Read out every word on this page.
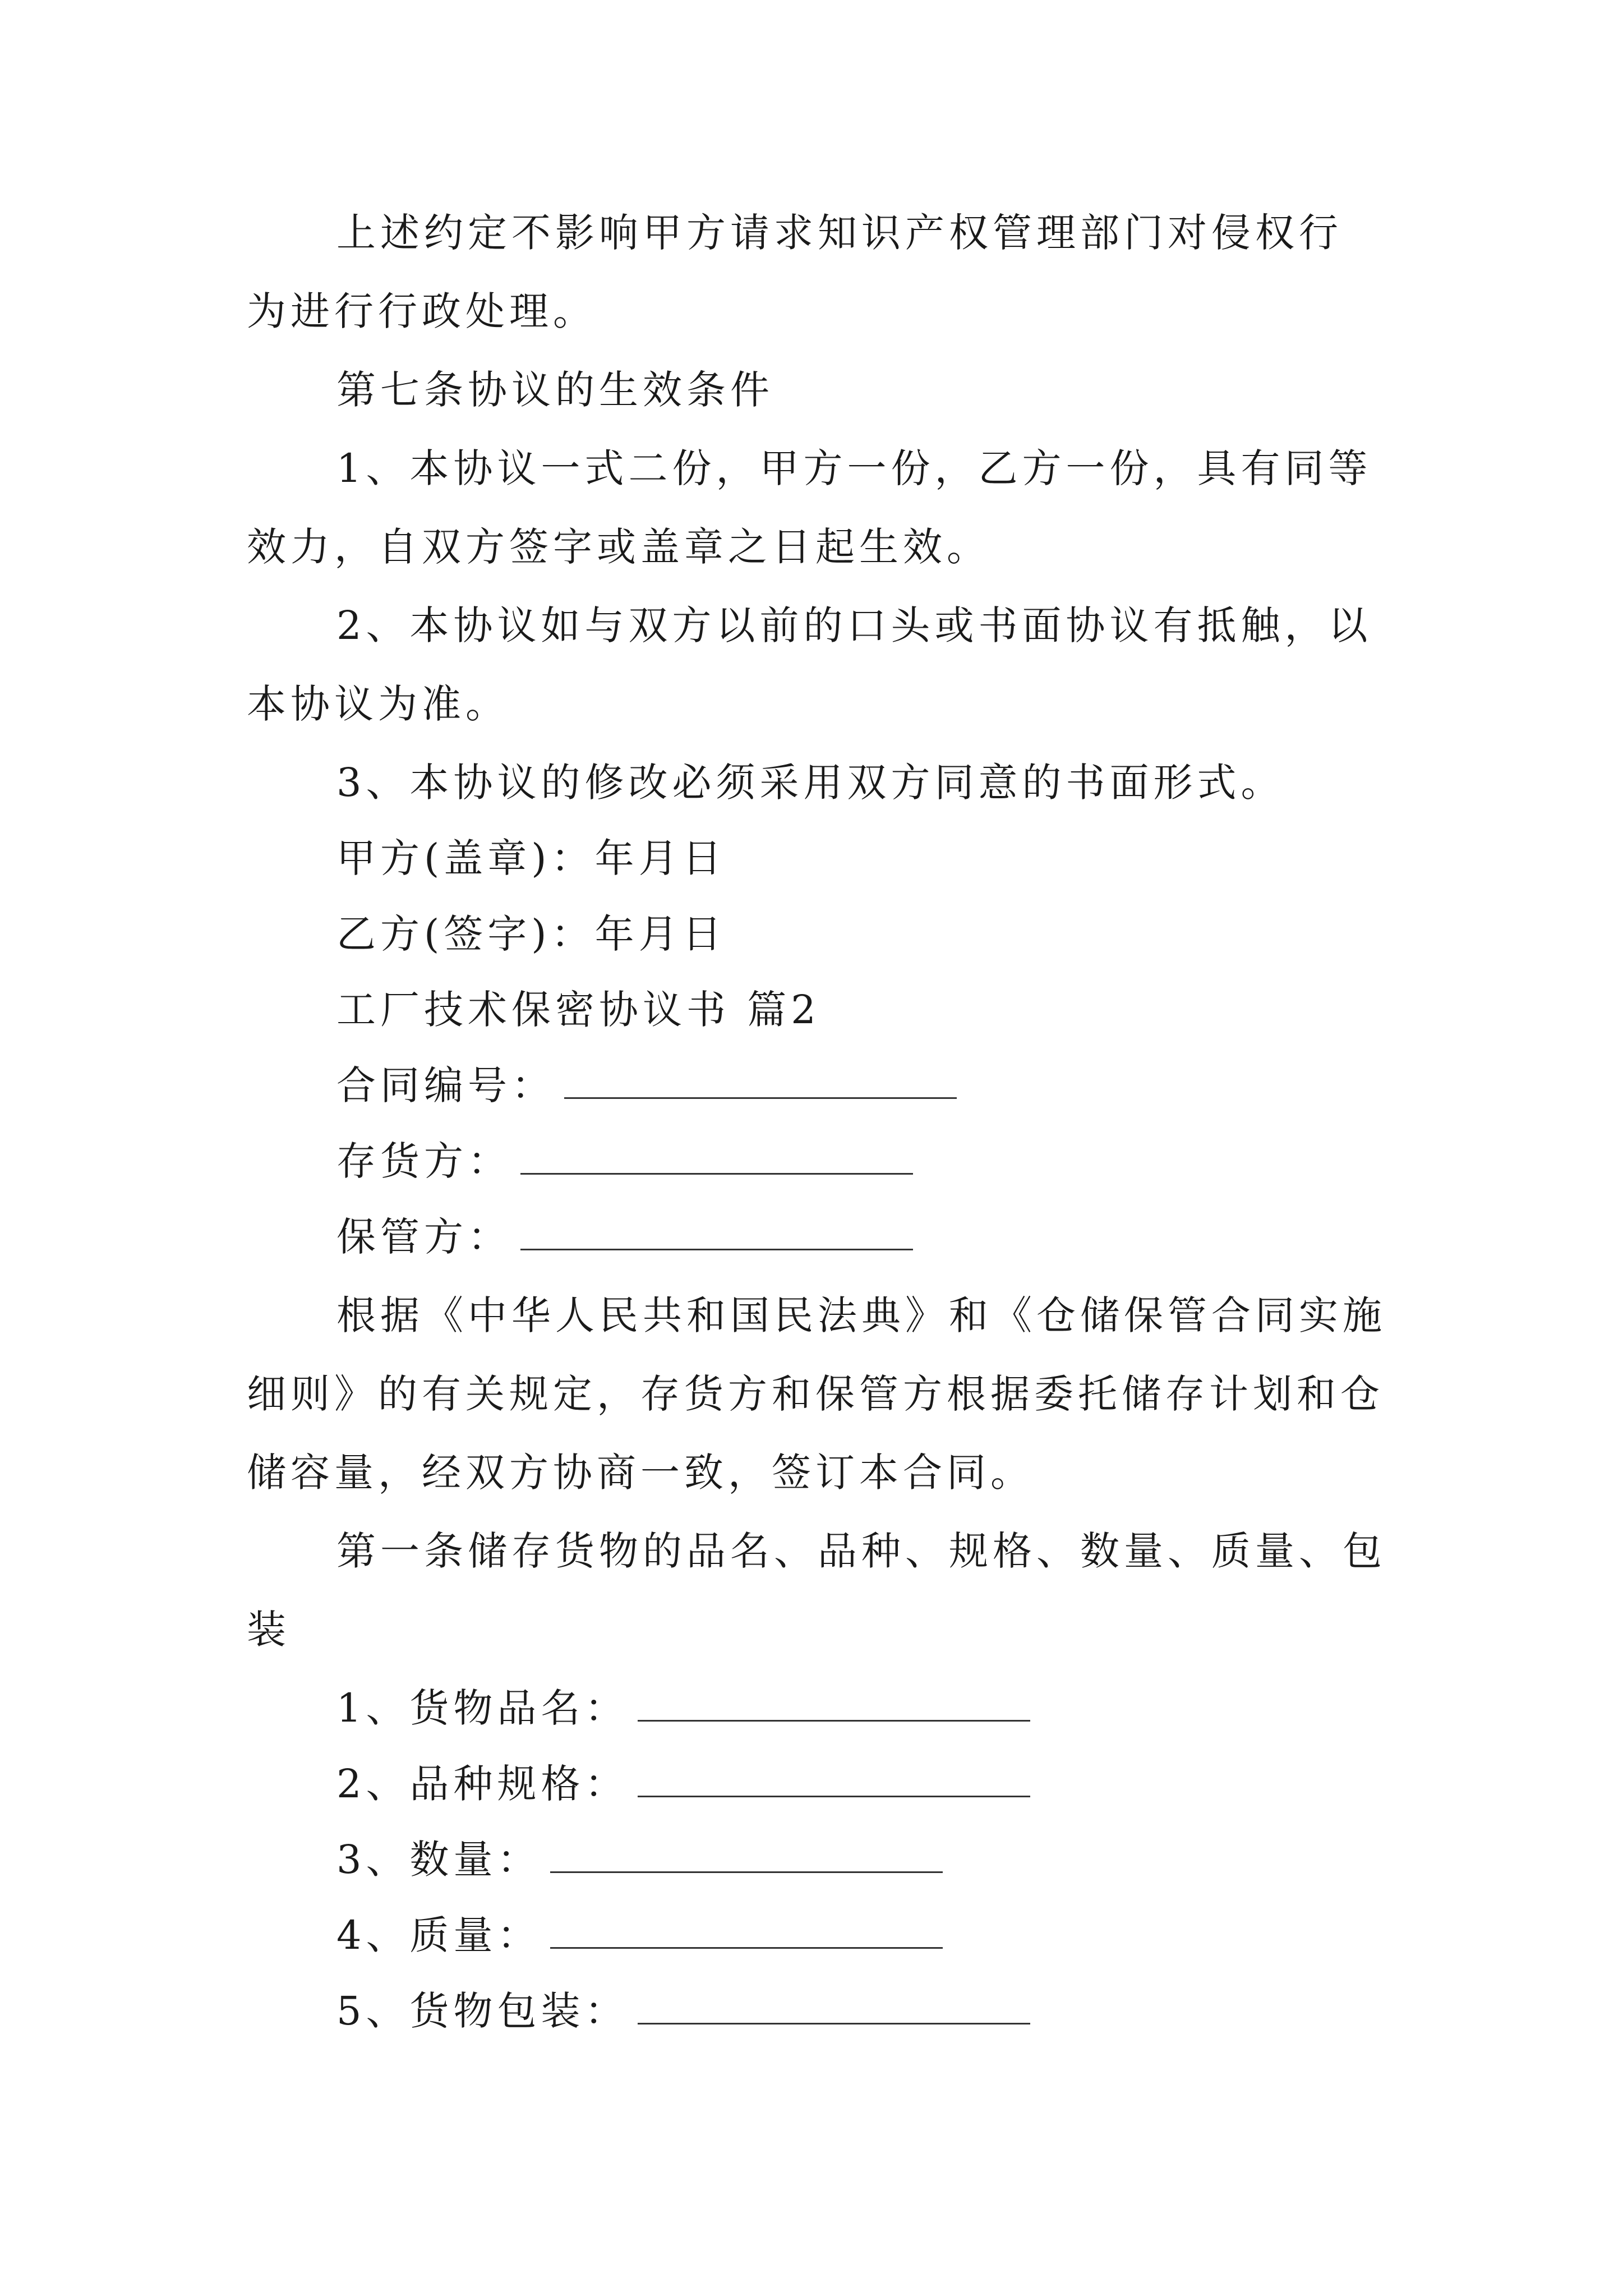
上述约定不影响甲方请求知识产权管理部门对侵权行
为进行行政处理。
第七条协议的生效条件
1、本协议一式二份，甲方一份，乙方一份，具有同等
效力，自双方签字或盖章之日起生效。
2、本协议如与双方以前的口头或书面协议有抵触，以
本协议为准。
3、本协议的修改必须采用双方同意的书面形式。
甲方(盖章)：年月日
乙方(签字)：年月日
工厂技术保密协议书 篇2
合同编号：
存货方：
保管方：
根据《中华人民共和国民法典》和《仓储保管合同实施
细则》的有关规定，存货方和保管方根据委托储存计划和仓
储容量，经双方协商一致，签订本合同。
第一条储存货物的品名、品种、规格、数量、质量、包
装
1、货物品名：
2、品种规格：
3、数量：
4、质量：
5、货物包装：
